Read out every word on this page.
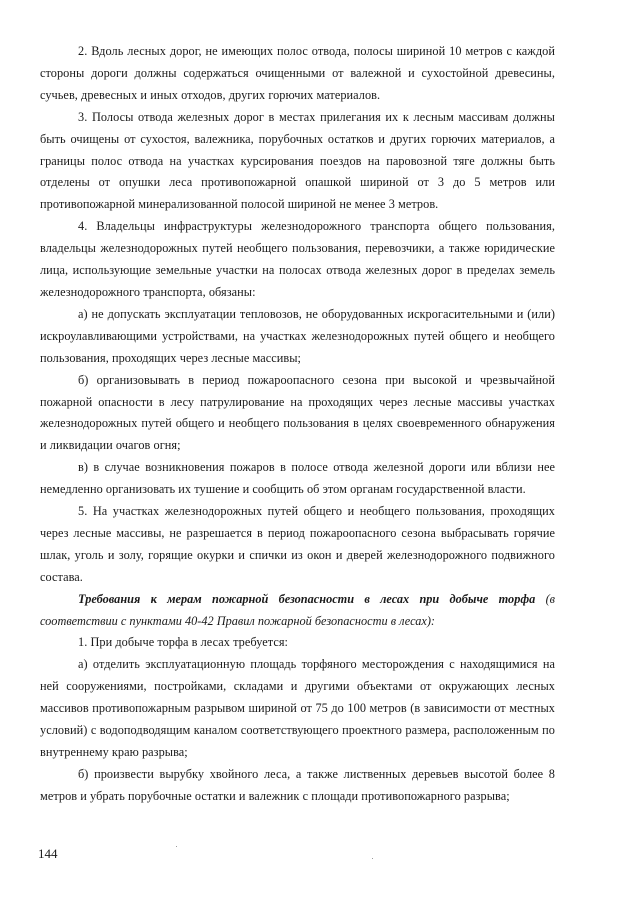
2. Вдоль лесных дорог, не имеющих полос отвода, полосы шириной 10 метров с каждой стороны дороги должны содержаться очищенными от валежной и сухостойной древесины, сучьев, древесных и иных отходов, других горючих материалов.

3. Полосы отвода железных дорог в местах прилегания их к лесным массивам должны быть очищены от сухостоя, валежника, порубочных остатков и других горючих материалов, а границы полос отвода на участках курсирования поездов на паровозной тяге должны быть отделены от опушки леса противопожарной опашкой шириной от 3 до 5 метров или противопожарной минерализованной полосой шириной не менее 3 метров.

4. Владельцы инфраструктуры железнодорожного транспорта общего пользования, владельцы железнодорожных путей необщего пользования, перевозчики, а также юридические лица, использующие земельные участки на полосах отвода железных дорог в пределах земель железнодорожного транспорта, обязаны:

а) не допускать эксплуатации тепловозов, не оборудованных искрогасительными и (или) искроулавливающими устройствами, на участках железнодорожных путей общего и необщего пользования, проходящих через лесные массивы;

б) организовывать в период пожароопасного сезона при высокой и чрезвычайной пожарной опасности в лесу патрулирование на проходящих через лесные массивы участках железнодорожных путей общего и необщего пользования в целях своевременного обнаружения и ликвидации очагов огня;

в) в случае возникновения пожаров в полосе отвода железной дороги или вблизи нее немедленно организовать их тушение и сообщить об этом органам государственной власти.

5. На участках железнодорожных путей общего и необщего пользования, проходящих через лесные массивы, не разрешается в период пожароопасного сезона выбрасывать горячие шлак, уголь и золу, горящие окурки и спички из окон и дверей железнодорожного подвижного состава.

Требования к мерам пожарной безопасности в лесах при добыче торфа (в соответствии с пунктами 40-42 Правил пожарной безопасности в лесах):

1. При добыче торфа в лесах требуется:

а) отделить эксплуатационную площадь торфяного месторождения с находящимися на ней сооружениями, постройками, складами и другими объектами от окружающих лесных массивов противопожарным разрывом шириной от 75 до 100 метров (в зависимости от местных условий) с водоподводящим каналом соответствующего проектного размера, расположенным по внутреннему краю разрыва;

б) произвести вырубку хвойного леса, а также лиственных деревьев высотой более 8 метров и убрать порубочные остатки и валежник с площади противопожарного разрыва;

144
